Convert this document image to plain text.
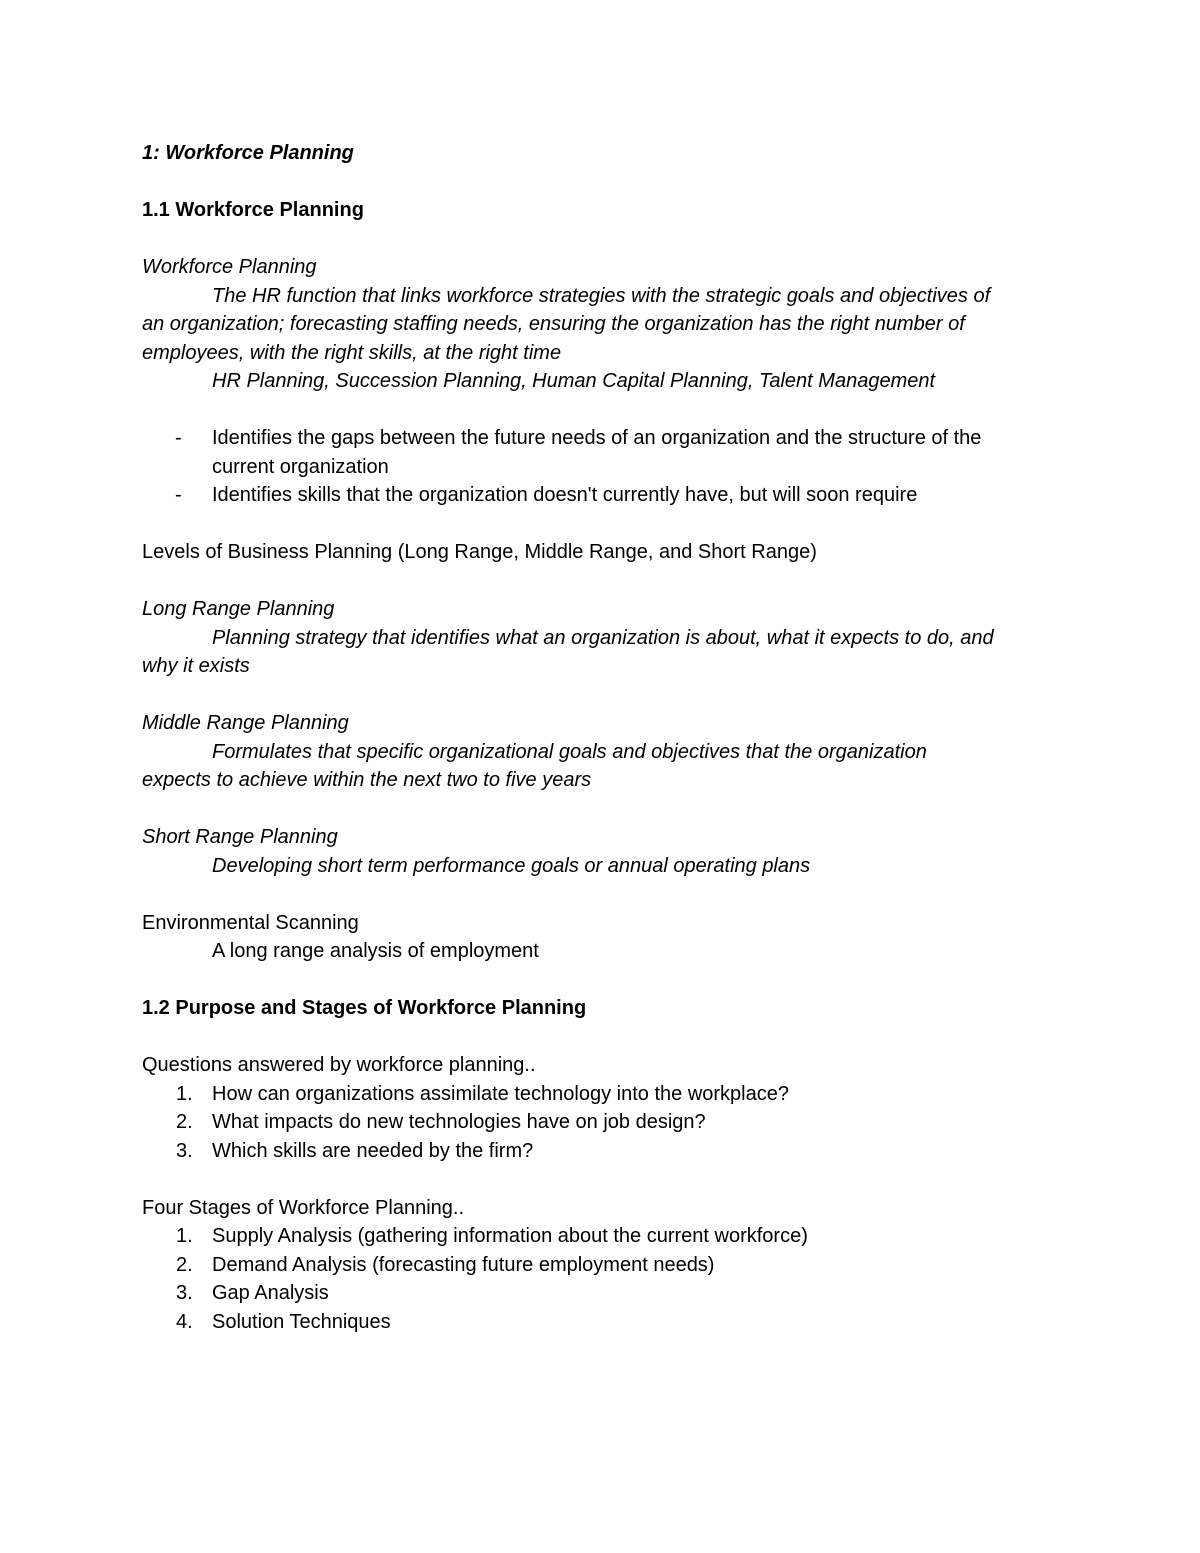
1: Workforce Planning
1.1 Workforce Planning
Workforce Planning
The HR function that links workforce strategies with the strategic goals and objectives of
an organization; forecasting staffing needs, ensuring the organization has the right number of
employees, with the right skills, at the right time
HR Planning, Succession Planning, Human Capital Planning, Talent Management
-	Identifies the gaps between the future needs of an organization and the structure of the
current organization
-	Identifies skills that the organization doesn't currently have, but will soon require
Levels of Business Planning (Long Range, Middle Range, and Short Range)
Long Range Planning
Planning strategy that identifies what an organization is about, what it expects to do, and
why it exists
Middle Range Planning
Formulates that specific organizational goals and objectives that the organization
expects to achieve within the next two to five years
Short Range Planning
Developing short term performance goals or annual operating plans
Environmental Scanning
A long range analysis of employment
1.2 Purpose and Stages of Workforce Planning
Questions answered by workforce planning..
1. How can organizations assimilate technology into the workplace?
2. What impacts do new technologies have on job design?
3. Which skills are needed by the firm?
Four Stages of Workforce Planning..
1. Supply Analysis (gathering information about the current workforce)
2. Demand Analysis (forecasting future employment needs)
3. Gap Analysis
4. Solution Techniques
